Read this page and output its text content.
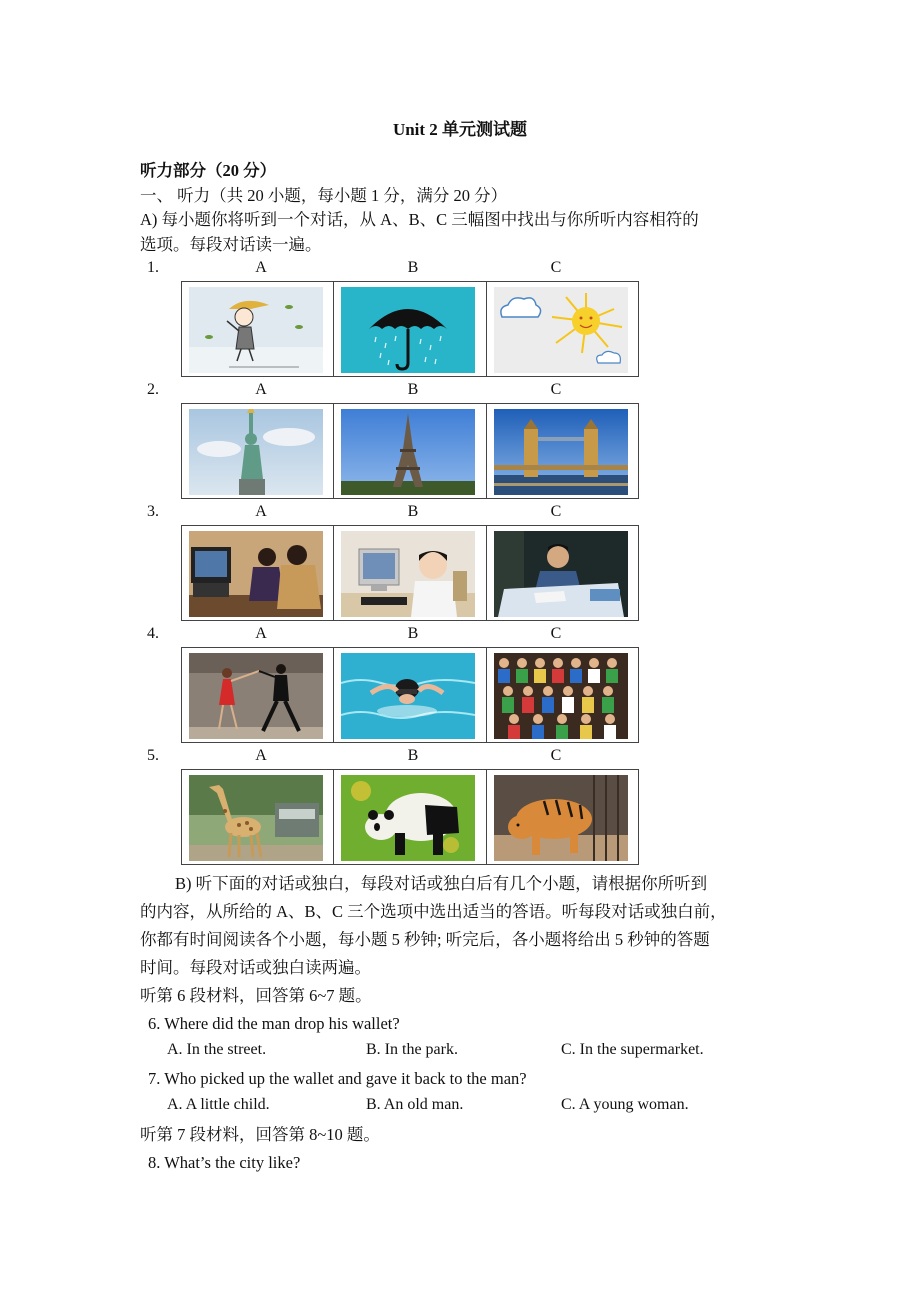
Unit 2 单元测试题
听力部分（20 分）
一、 听力（共 20 小题，每小题 1 分，满分 20 分）
A) 每小题你将听到一个对话，从 A、B、C 三幅图中找出与你所听内容相符的
选项。每段对话读一遍。
1.	A	B	C
2.	A	B	C
3.	A	B	C
4.	A	B	C
5.	A	B	C
B) 听下面的对话或独白，每段对话或独白后有几个小题，请根据你所听到
的内容，从所给的 A、B、C 三个选项中选出适当的答语。听每段对话或独白前，
你都有时间阅读各个小题，每小题 5 秒钟; 听完后，各小题将给出 5 秒钟的答题
时间。每段对话或独白读两遍。
听第 6 段材料，回答第 6~7 题。
6. Where did the man drop his wallet?
A. In the street.	B. In the park.	C. In the supermarket.
7. Who picked up the wallet and gave it back to the man?
A. A little child.	B. An old man.	C. A young woman.
听第 7 段材料，回答第 8~10 题。
8. What’s the city like?
